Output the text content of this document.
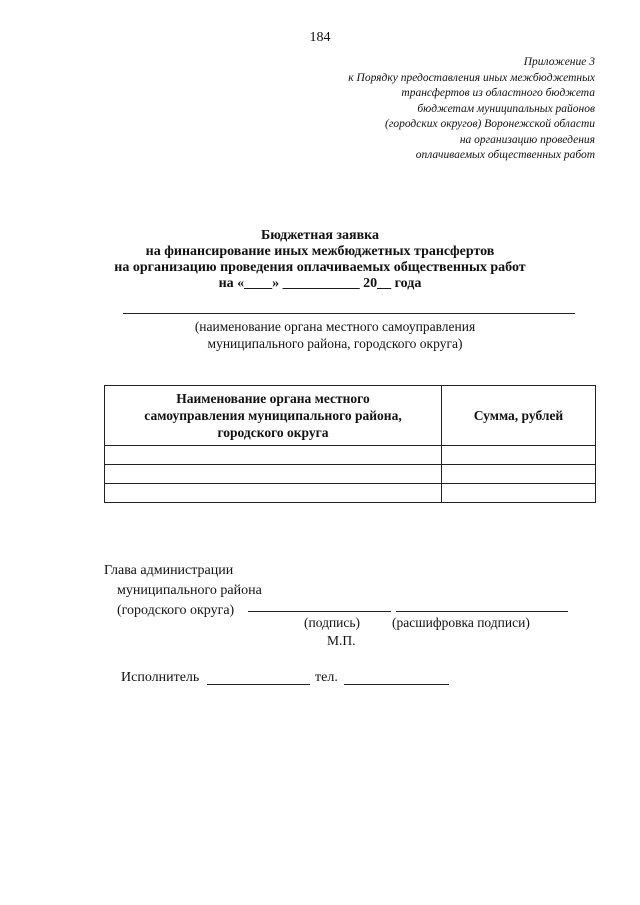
184
Приложение 3
к Порядку предоставления иных межбюджетных
трансфертов из областного бюджета
бюджетам муниципальных районов
(городских округов) Воронежской области
на организацию проведения
оплачиваемых общественных работ
Бюджетная заявка
на финансирование иных межбюджетных трансфертов
на организацию проведения оплачиваемых общественных работ
на «____» ___________ 20__ года
(наименование органа местного самоуправления
муниципального района, городского округа)
Наименование органа местного
самоуправления муниципального района,
городского округа	Сумма, рублей

Глава администрации
муниципального района
(городского округа)
(подпись) (расшифровка подписи)
М.П.
Исполнитель	тел.
